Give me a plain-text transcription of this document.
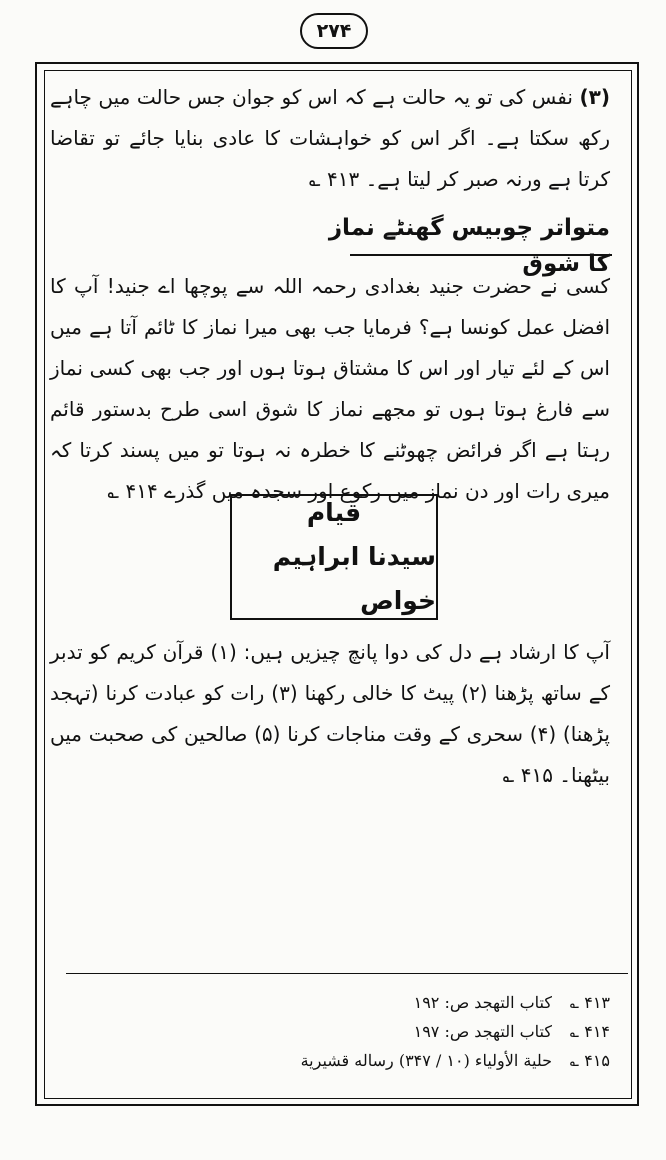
۲۷۴
(۳) نفس کی تو یہ حالت ہے کہ اس کو جوان جس حالت میں چاہے رکھ سکتا ہے۔ اگر اس کو خواہشات کا عادی بنایا جائے تو تقاضا کرتا ہے ورنہ صبر کر لیتا ہے۔ ۴۱۳ ؎
متواتر چوبیس گھنٹے نماز کا شوق
کسی نے حضرت جنید بغدادی رحمہ اللہ سے پوچھا اے جنید! آپ کا افضل عمل کونسا ہے؟ فرمایا جب بھی میرا نماز کا ٹائم آتا ہے میں اس کے لئے تیار اور اس کا مشتاق ہوتا ہوں اور جب بھی کسی نماز سے فارغ ہوتا ہوں تو مجھے نماز کا شوق اسی طرح بدستور قائم رہتا ہے اگر فرائض چھوٹنے کا خطرہ نہ ہوتا تو میں پسند کرتا کہ میری رات اور دن نماز میں رکوع اور سجدہ میں گذرے ۴۱۴ ؎
قیام
سیدنا ابراہیم خواص
آپ کا ارشاد ہے دل کی دوا پانچ چیزیں ہیں: (۱) قرآن کریم کو تدبر کے ساتھ پڑھنا (۲) پیٹ کا خالی رکھنا (۳) رات کو عبادت کرنا (تہجد پڑھنا) (۴) سحری کے وقت مناجات کرنا (۵) صالحین کی صحبت میں بیٹھنا۔ ۴۱۵ ؎
۴۱۳ ؎
کتاب التهجد ص: ۱۹۲
۴۱۴ ؎
کتاب التهجد ص: ۱۹۷
۴۱۵ ؎
حلية الأولياء (۱۰ / ۳۴۷) رساله قشيرية
